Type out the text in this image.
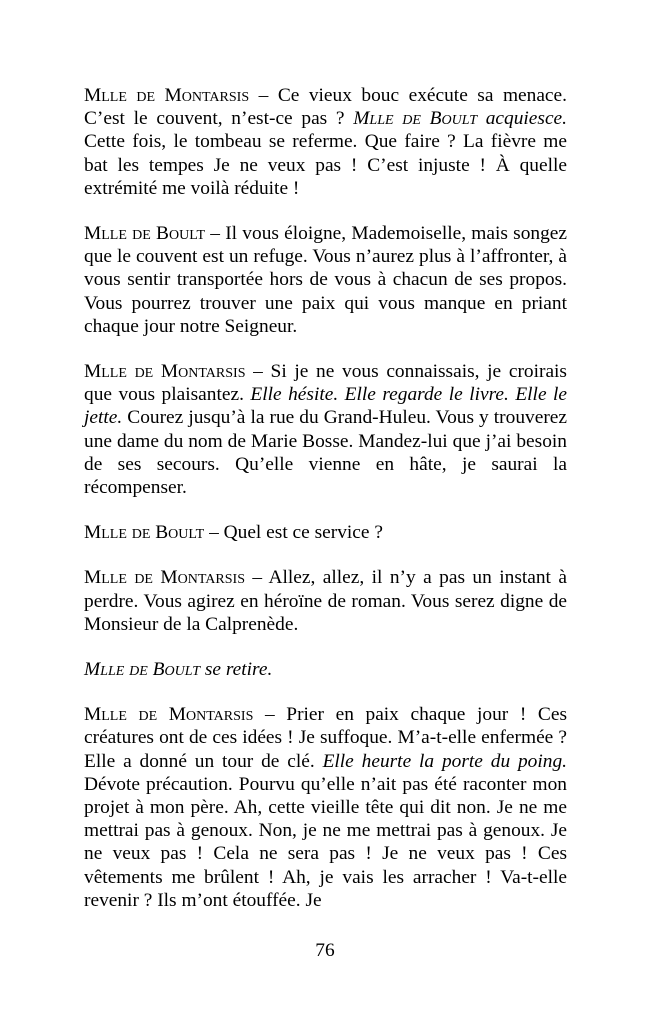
Mlle de Montarsis – Ce vieux bouc exécute sa menace. C’est le couvent, n’est-ce pas ? Mlle de Boult acquiesce. Cette fois, le tombeau se referme. Que faire ? La fièvre me bat les tempes Je ne veux pas ! C’est injuste ! À quelle extrémité me voilà réduite !

Mlle de Boult – Il vous éloigne, Mademoiselle, mais songez que le couvent est un refuge. Vous n’aurez plus à l’affronter, à vous sentir transportée hors de vous à chacun de ses propos. Vous pourrez trouver une paix qui vous manque en priant chaque jour notre Seigneur.

Mlle de Montarsis – Si je ne vous connaissais, je croirais que vous plaisantez. Elle hésite. Elle regarde le livre. Elle le jette. Courez jusqu’à la rue du Grand-Huleu. Vous y trouverez une dame du nom de Marie Bosse. Mandez-lui que j’ai besoin de ses secours. Qu’elle vienne en hâte, je saurai la récompenser.

Mlle de Boult – Quel est ce service ?

Mlle de Montarsis – Allez, allez, il n’y a pas un instant à perdre. Vous agirez en héroïne de roman. Vous serez digne de Monsieur de la Calprenède.

Mlle de Boult se retire.

Mlle de Montarsis – Prier en paix chaque jour ! Ces créatures ont de ces idées ! Je suffoque. M’a-t-elle enfermée ? Elle a donné un tour de clé. Elle heurte la porte du poing. Dévote précaution. Pourvu qu’elle n’ait pas été raconter mon projet à mon père. Ah, cette vieille tête qui dit non. Je ne me mettrai pas à genoux. Non, je ne me mettrai pas à genoux. Je ne veux pas ! Cela ne sera pas ! Je ne veux pas ! Ces vêtements me brûlent ! Ah, je vais les arracher ! Va-t-elle revenir ? Ils m’ont étouffée. Je

76
